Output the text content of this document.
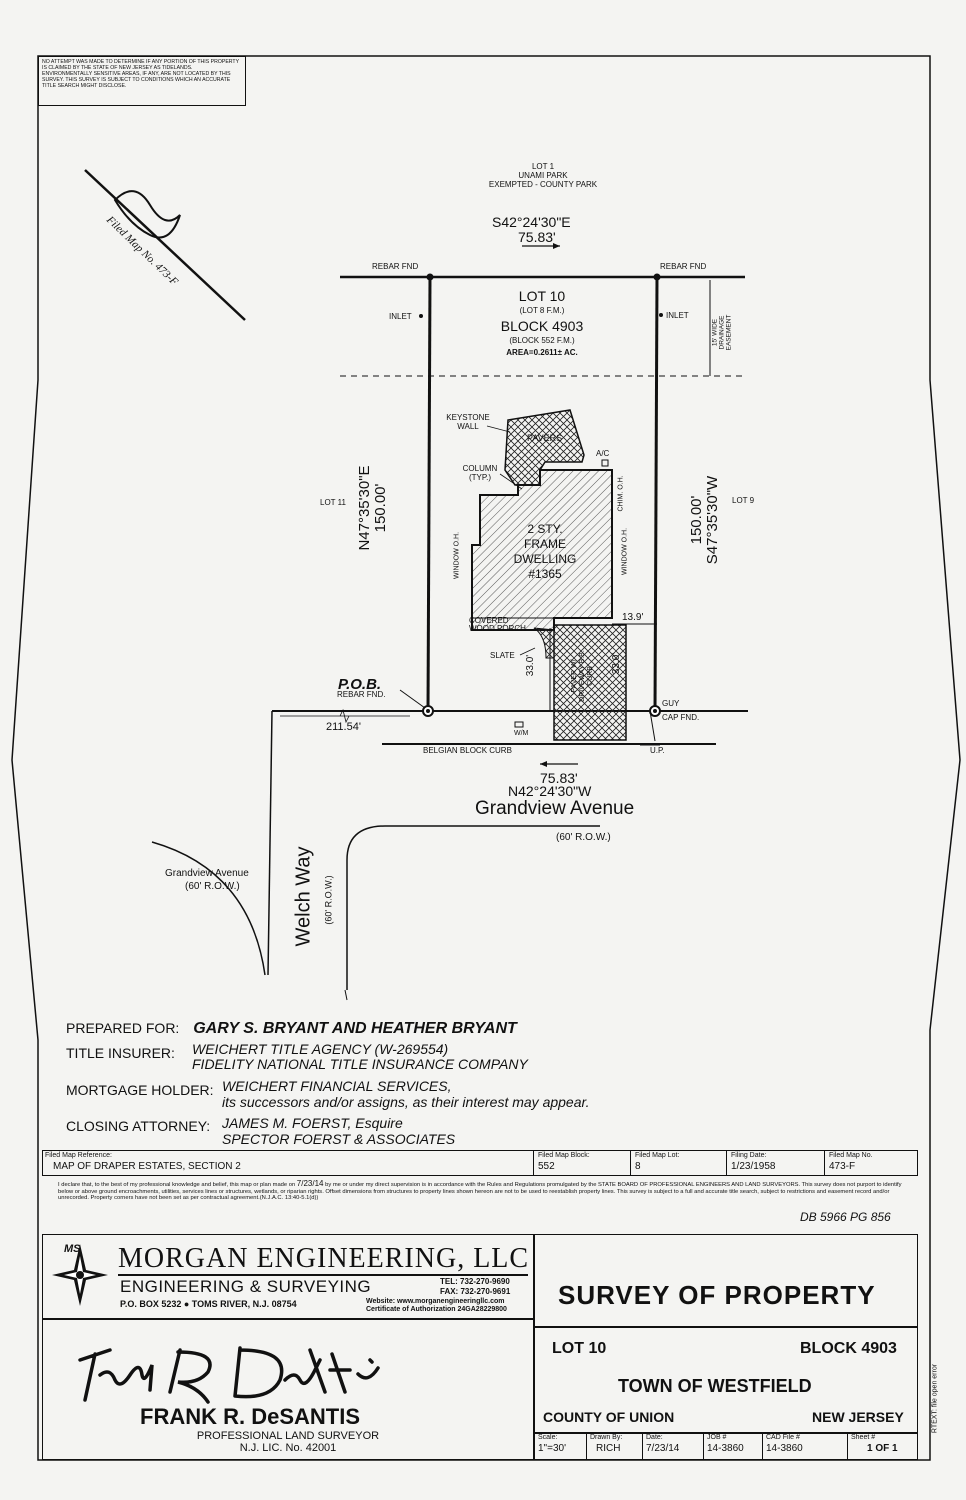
NO ATTEMPT WAS MADE TO DETERMINE IF ANY PORTION OF THIS PROPERTY IS CLAIMED BY THE STATE OF NEW JERSEY AS TIDELANDS. ENVIRONMENTALLY SENSITIVE AREAS, IF ANY, ARE NOT LOCATED BY THIS SURVEY. THIS SURVEY IS SUBJECT TO CONDITIONS WHICH AN ACCURATE TITLE SEARCH MIGHT DISCLOSE.
Filed Map No. 473-F
LOT 1
UNAMI PARK
EXEMPTED - COUNTY PARK
S42°24'30"E
75.83'
REBAR FND	REBAR FND
LOT 10
(LOT 8 F.M.)
BLOCK 4903
(BLOCK 552 F.M.)
AREA=0.2611± AC.
INLET	INLET
15' WIDE DRAINAGE EASEMENT
KEYSTONE WALL
PAVERS
A/C
COLUMN (TYP.)	CHIM. O.H.
WINDOW O.H.	WINDOW O.H.
2 STY.
FRAME
DWELLING
#1365
N47°35'30"E 150.00'	150.00' S47°35'30"W
LOT 11	LOT 9
13.9'
COVERED WOOD PORCH
SLATE 33.0'	33.0'
PAVER W/ DRIVEWAY B.B. CURB
P.O.B.
REBAR FND.
211.54'
GUY
CAP FND.
W/M
BELGIAN BLOCK CURB	U.P.
75.83'
N42°24'30"W
Grandview Avenue
(60' R.O.W.)
Grandview Avenue
(60' R.O.W.)	Welch Way (60' R.O.W.)
PREPARED FOR: GARY S. BRYANT AND HEATHER BRYANT
TITLE INSURER: WEICHERT TITLE AGENCY (W-269554)
FIDELITY NATIONAL TITLE INSURANCE COMPANY
MORTGAGE HOLDER: WEICHERT FINANCIAL SERVICES,
its successors and/or assigns, as their interest may appear.
CLOSING ATTORNEY: JAMES M. FOERST, Esquire
SPECTOR FOERST & ASSOCIATES
Filed Map Reference:
MAP OF DRAPER ESTATES, SECTION 2
Filed Map Block:
552
Filed Map Lot:
8
Filing Date:
1/23/1958
Filed Map No.
473-F
I declare that, to the best of my professional knowledge and belief, this map or plan made on 7/23/14 by me or under my direct supervision is in accordance with the Rules and Regulations promulgated by the STATE BOARD OF PROFESSIONAL ENGINEERS AND LAND SURVEYORS. This survey does not purport to identify below or above ground encroachments, utilities, services lines or structures, wetlands, or riparian rights. Offset dimensions from structures to property lines shown hereon are not to be used to reestablish property lines. This survey is subject to a full and accurate title search, subject to restrictions and easement record and/or unrecorded. Property corners have not been set as per contractual agreement.(N.J.A.C. 13:40-5.1(d))
DB 5966 PG 856
MS MORGAN ENGINEERING, LLC
ENGINEERING & SURVEYING
P.O. BOX 5232 ● TOMS RIVER, N.J. 08754
TEL: 732-270-9690
FAX: 732-270-9691
Website: www.morganengineeringllc.com
Certificate of Authorization 24GA28229800
FRANK R. DeSANTIS
PROFESSIONAL LAND SURVEYOR
N.J. LIC. No. 42001
SURVEY OF PROPERTY
LOT 10	BLOCK 4903
TOWN OF WESTFIELD
COUNTY OF UNION	NEW JERSEY
Scale:
1"=30'
Drawn By:
RICH
Date:
7/23/14
JOB #
14-3860
CAD File #
14-3860
Sheet #
1 OF 1
RTEXT: file open error
